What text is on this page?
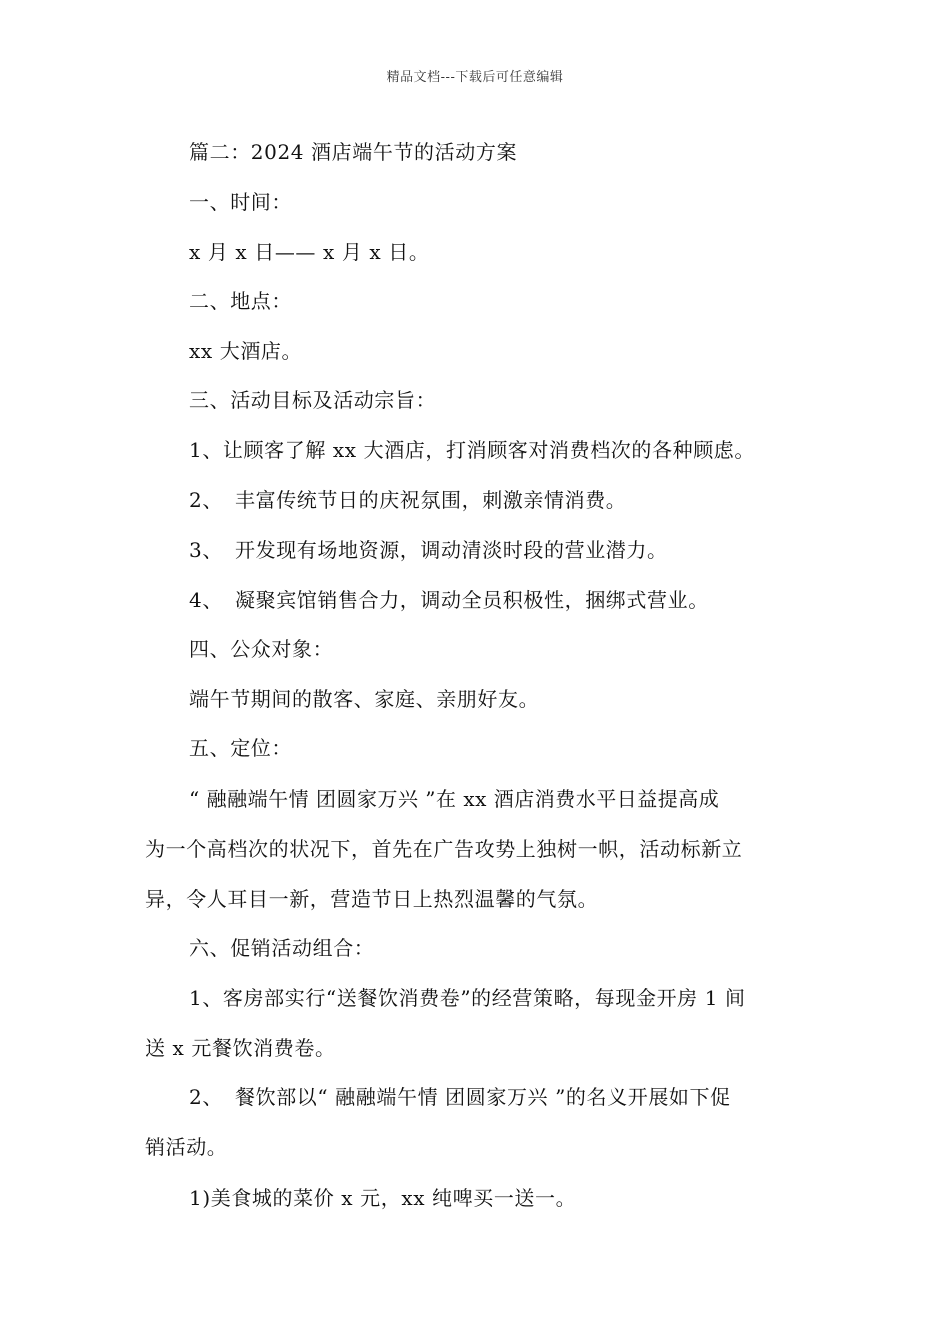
精品文档---下载后可任意编辑
篇二：2024 酒店端午节的活动方案
一、时间：
x 月 x 日—— x 月 x 日。
二、地点：
xx 大酒店。
三、活动目标及活动宗旨：
1、让顾客了解 xx 大酒店，打消顾客对消费档次的各种顾虑。
2、 丰富传统节日的庆祝氛围，刺激亲情消费。
3、 开发现有场地资源，调动清淡时段的营业潜力。
4、 凝聚宾馆销售合力，调动全员积极性，捆绑式营业。
四、公众对象：
端午节期间的散客、家庭、亲朋好友。
五、定位：
“ 融融端午情 团圆家万兴 ”在 xx 酒店消费水平日益提高成
为一个高档次的状况下，首先在广告攻势上独树一帜，活动标新立
异，令人耳目一新，营造节日上热烈温馨的气氛。
六、促销活动组合：
1、客房部实行“送餐饮消费卷”的经营策略，每现金开房 1 间
送 x 元餐饮消费卷。
2、 餐饮部以“ 融融端午情 团圆家万兴 ”的名义开展如下促
销活动。
1)美食城的菜价 x 元，xx 纯啤买一送一。
